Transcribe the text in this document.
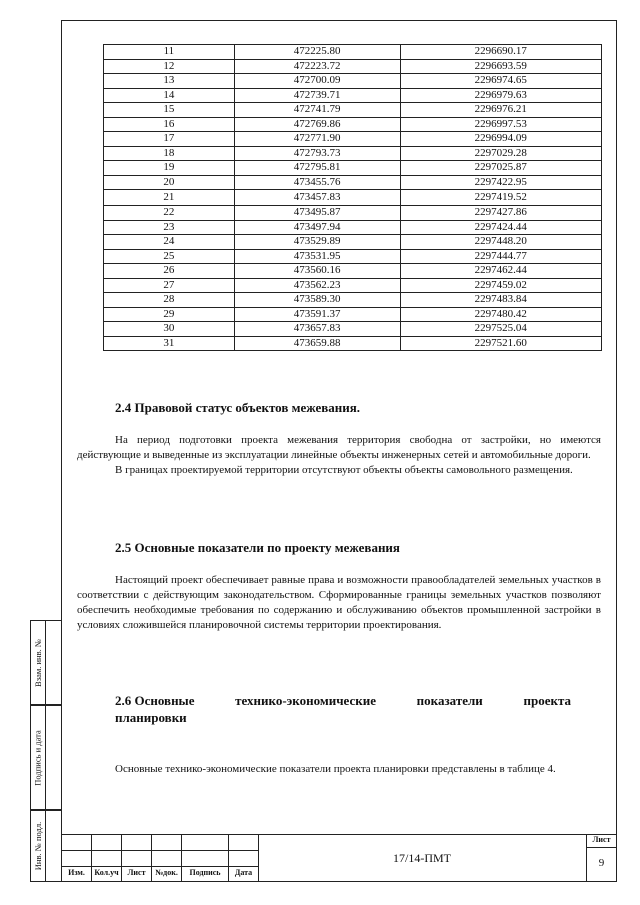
11	472225.80	2296690.17
12	472223.72	2296693.59
13	472700.09	2296974.65
14	472739.71	2296979.63
15	472741.79	2296976.21
16	472769.86	2296997.53
17	472771.90	2296994.09
18	472793.73	2297029.28
19	472795.81	2297025.87
20	473455.76	2297422.95
21	473457.83	2297419.52
22	473495.87	2297427.86
23	473497.94	2297424.44
24	473529.89	2297448.20
25	473531.95	2297444.77
26	473560.16	2297462.44
27	473562.23	2297459.02
28	473589.30	2297483.84
29	473591.37	2297480.42
30	473657.83	2297525.04
31	473659.88	2297521.60
2.4 Правовой статус объектов межевания.

На период подготовки проекта межевания территория свободна от застройки, но имеются действующие и выведенные из эксплуатации линейные объекты инженерных сетей и автомобильные дороги.

В границах проектируемой территории отсутствуют объекты объекты самовольного размещения.

2.5 Основные показатели по проекту межевания

Настоящий проект обеспечивает равные права и возможности правообладателей земельных участков в соответствии с действующим законодательством. Сформированные границы земельных участков позволяют обеспечить необходимые требования по содержанию и обслуживанию объектов промышленной застройки в условиях сложившейся планировочной системы территории проектирования.

2.6 Основные	технико-экономические	показатели	проекта
планировки

Основные технико-экономические показатели проекта планировки представлены в таблице 4.

Взам. инв. №
Подпись и дата
Инв. № подл.
Изм.	Кол.уч	Лист	№док.	Подпись	Дата
Лист
9
17/14-ПМТ
